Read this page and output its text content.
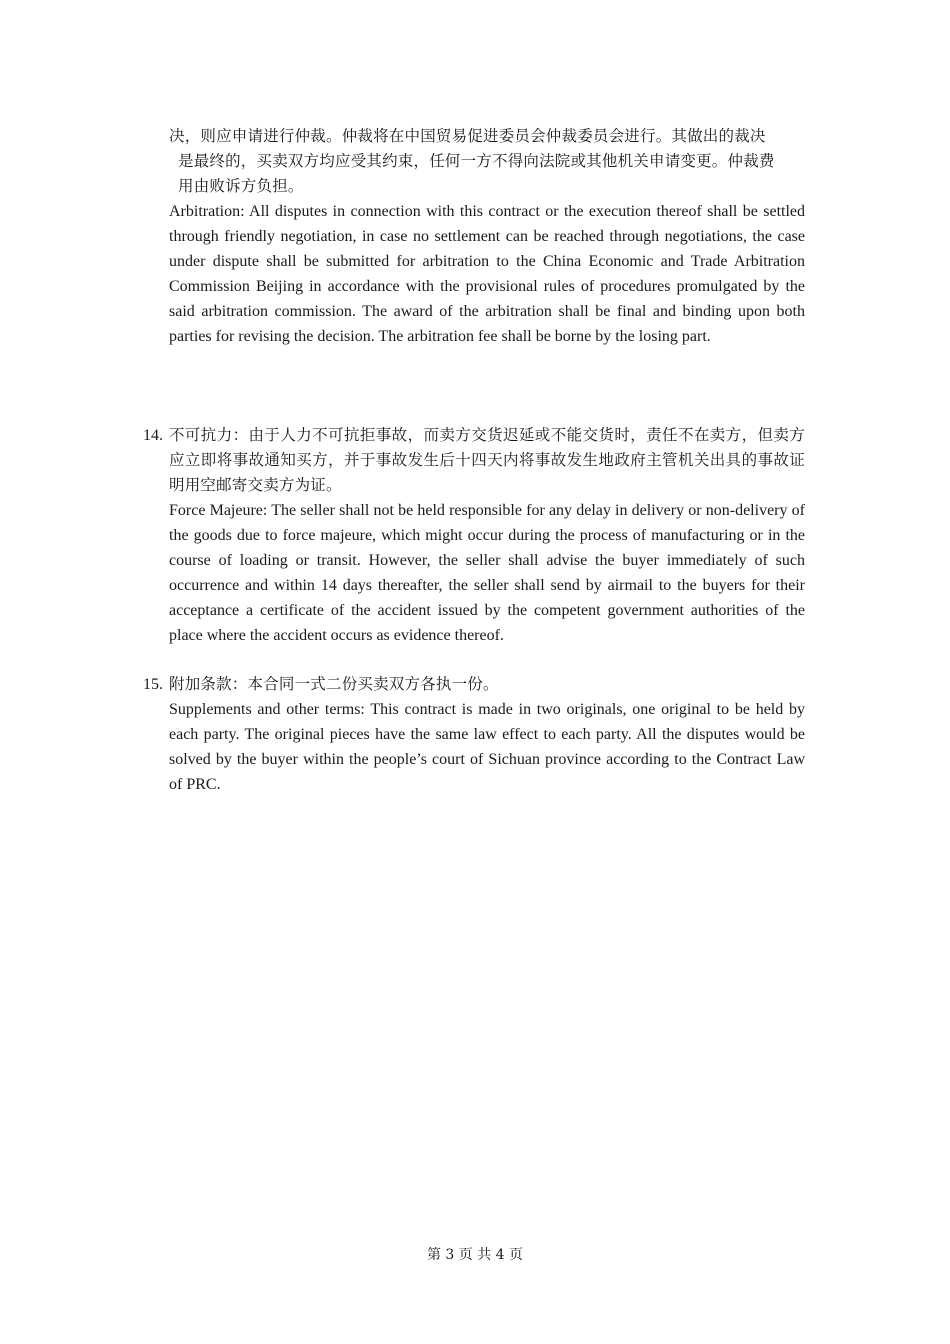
决，则应申请进行仲裁。仲裁将在中国贸易促进委员会仲裁委员会进行。其做出的裁决

是最终的，买卖双方均应受其约束，任何一方不得向法院或其他机关申请变更。仲裁费

用由败诉方负担。

Arbitration: All disputes in connection with this contract or the execution thereof shall be settled through friendly negotiation, in case no settlement can be reached through negotiations, the case under dispute shall be submitted for arbitration to the China Economic and Trade Arbitration Commission Beijing in accordance with the provisional rules of procedures promulgated by the said arbitration commission. The award of the arbitration shall be final and binding upon both parties for revising the decision. The arbitration fee shall be borne by the losing part.

14. 不可抗力：由于人力不可抗拒事故，而卖方交货迟延或不能交货时，责任不在卖方，但卖方应立即将事故通知买方，并于事故发生后十四天内将事故发生地政府主管机关出具的事故证明用空邮寄交卖方为证。

Force Majeure: The seller shall not be held responsible for any delay in delivery or non-delivery of the goods due to force majeure, which might occur during the process of manufacturing or in the course of loading or transit. However, the seller shall advise the buyer immediately of such occurrence and within 14 days thereafter, the seller shall send by airmail to the buyers for their acceptance a certificate of the accident issued by the competent government authorities of the place where the accident occurs as evidence thereof.

15. 附加条款：本合同一式二份买卖双方各执一份。

Supplements and other terms: This contract is made in two originals, one original to be held by each party. The original pieces have the same law effect to each party. All the disputes would be solved by the buyer within the people’s court of Sichuan province according to the Contract Law of PRC.

第 3 页 共 4 页
